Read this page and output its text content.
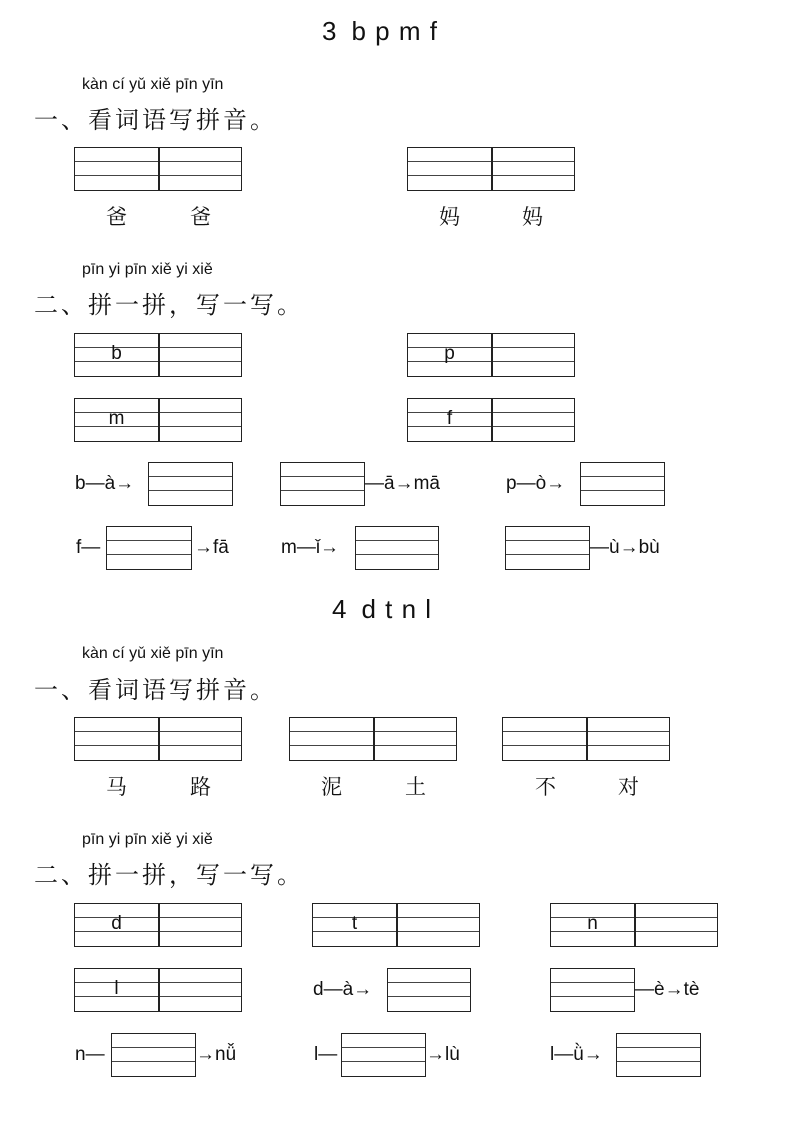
3 b p m f
kàn cí yǔ xiě pīn yīn
一、看词语写拼音。
爸	爸	妈	妈
pīn yi pīn xiě yi xiě
二、拼一拼，写一写。
b	p
m	f
b—à→	—ā→mā	p—ò→
f—	→fā	m—ǐ→	—ù→bù
4 d t n l
kàn cí yǔ xiě pīn yīn
一、看词语写拼音。
马	路	泥	土	不	对
pīn yi pīn xiě yi xiě
二、拼一拼，写一写。
d	t	n
l	d—à→	—è→tè
n—	→nǚ	l—	→lù	l—ǜ→
